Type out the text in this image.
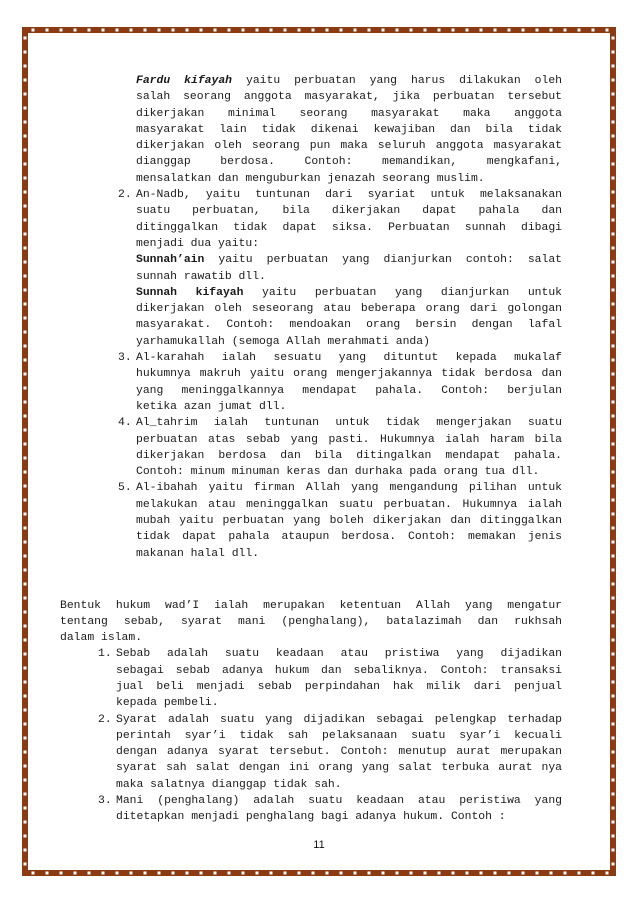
Fardu kifayah yaitu perbuatan yang harus dilakukan oleh
salah seorang anggota masyarakat, jika perbuatan tersebut
dikerjakan minimal seorang masyarakat maka anggota
masyarakat lain tidak dikenai kewajiban dan bila tidak
dikerjakan oleh seorang pun maka seluruh anggota masyarakat
dianggap berdosa. Contoh: memandikan, mengkafani,
mensalatkan dan menguburkan jenazah seorang muslim.
2. An-Nadb, yaitu tuntunan dari syariat untuk melaksanakan
suatu perbuatan, bila dikerjakan dapat pahala dan
ditinggalkan tidak dapat siksa. Perbuatan sunnah dibagi
menjadi dua yaitu:
Sunnah’ain yaitu perbuatan yang dianjurkan contoh: salat
sunnah rawatib dll.
Sunnah kifayah yaitu perbuatan yang dianjurkan untuk
dikerjakan oleh seseorang atau beberapa orang dari golongan
masyarakat. Contoh: mendoakan orang bersin dengan lafal
yarhamukallah (semoga Allah merahmati anda)
3. Al-karahah ialah sesuatu yang dituntut kepada mukalaf
hukumnya makruh yaitu orang mengerjakannya tidak berdosa dan
yang meninggalkannya mendapat pahala. Contoh: berjulan
ketika azan jumat dll.
4. Al_tahrim ialah tuntunan untuk tidak mengerjakan suatu
perbuatan atas sebab yang pasti. Hukumnya ialah haram bila
dikerjakan berdosa dan bila ditingalkan mendapat pahala.
Contoh: minum minuman keras dan durhaka pada orang tua dll.
5. Al-ibahah yaitu firman Allah yang mengandung pilihan untuk
melakukan atau meninggalkan suatu perbuatan. Hukumnya ialah
mubah yaitu perbuatan yang boleh dikerjakan dan ditinggalkan
tidak dapat pahala ataupun berdosa. Contoh: memakan jenis
makanan halal dll.
Bentuk hukum wad’I ialah merupakan ketentuan Allah yang mengatur
tentang sebab, syarat mani (penghalang), batalazimah dan rukhsah
dalam islam.
1. Sebab adalah suatu keadaan atau pristiwa yang dijadikan
sebagai sebab adanya hukum dan sebaliknya. Contoh: transaksi
jual beli menjadi sebab perpindahan hak milik dari penjual
kepada pembeli.
2. Syarat adalah suatu yang dijadikan sebagai pelengkap terhadap
perintah syar’i tidak sah pelaksanaan suatu syar’i kecuali
dengan adanya syarat tersebut. Contoh: menutup aurat merupakan
syarat sah salat dengan ini orang yang salat terbuka aurat nya
maka salatnya dianggap tidak sah.
3. Mani (penghalang) adalah suatu keadaan atau peristiwa yang
ditetapkan menjadi penghalang bagi adanya hukum. Contoh :
11
